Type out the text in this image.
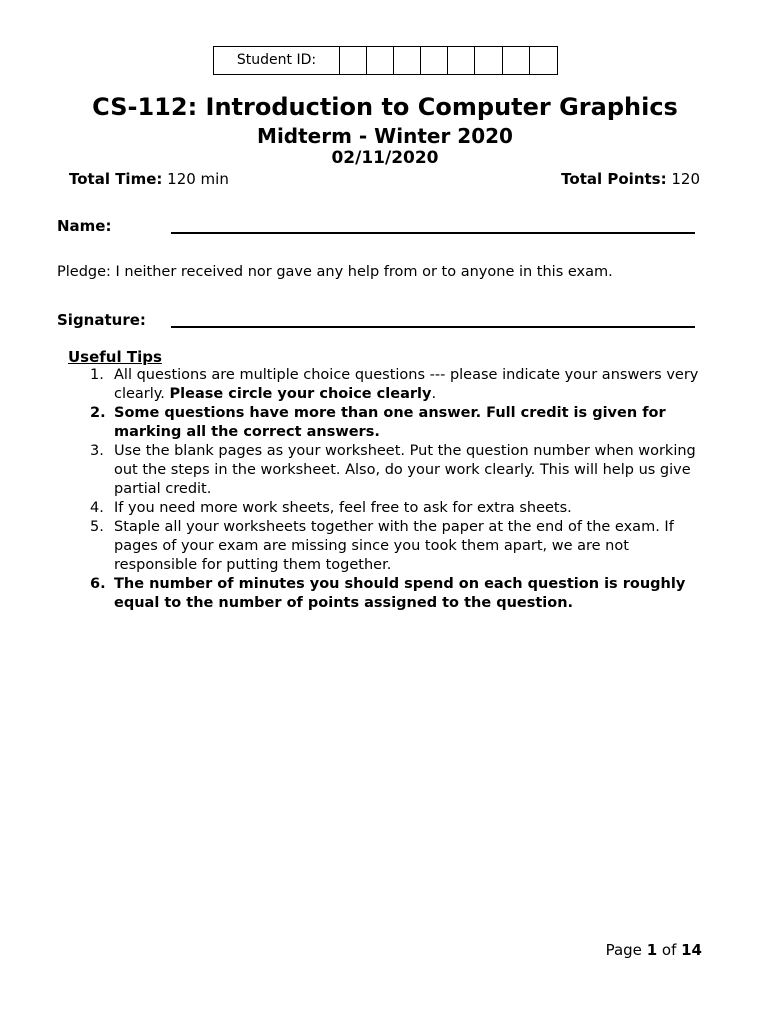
Student ID:
CS-112: Introduction to Computer Graphics
Midterm - Winter 2020
02/11/2020
Total Time: 120 min	Total Points: 120
Name:
Pledge: I neither received nor gave any help from or to anyone in this exam.
Signature:
Useful Tips
1. All questions are multiple choice questions --- please indicate your answers very clearly. Please circle your choice clearly.
2. Some questions have more than one answer. Full credit is given for marking all the correct answers.
3. Use the blank pages as your worksheet. Put the question number when working out the steps in the worksheet. Also, do your work clearly. This will help us give partial credit.
4. If you need more work sheets, feel free to ask for extra sheets.
5. Staple all your worksheets together with the paper at the end of the exam. If pages of your exam are missing since you took them apart, we are not responsible for putting them together.
6. The number of minutes you should spend on each question is roughly equal to the number of points assigned to the question.
Page 1 of 14
